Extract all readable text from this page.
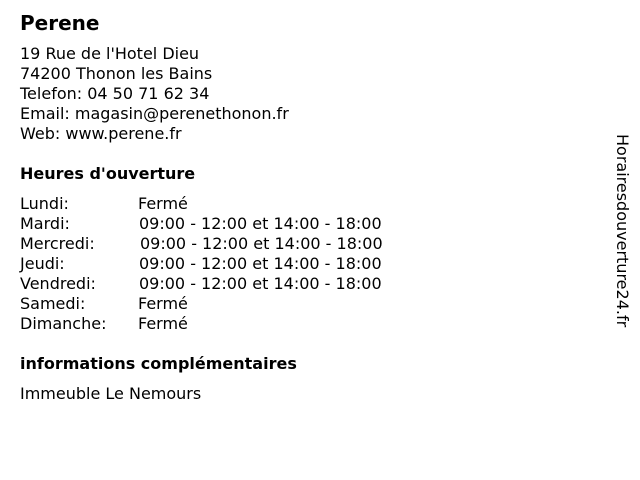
Perene
19 Rue de l'Hotel Dieu
74200 Thonon les Bains
Telefon: 04 50 71 62 34
Email: magasin@perenethonon.fr
Web: www.perene.fr
Heures d'ouverture
Lundi:	Fermé
Mardi:	09:00 - 12:00 et 14:00 - 18:00
Mercredi:	09:00 - 12:00 et 14:00 - 18:00
Jeudi:	09:00 - 12:00 et 14:00 - 18:00
Vendredi:	09:00 - 12:00 et 14:00 - 18:00
Samedi:	Fermé
Dimanche: Fermé
informations complémentaires
Immeuble Le Nemours
Horairesdouverture24.fr
